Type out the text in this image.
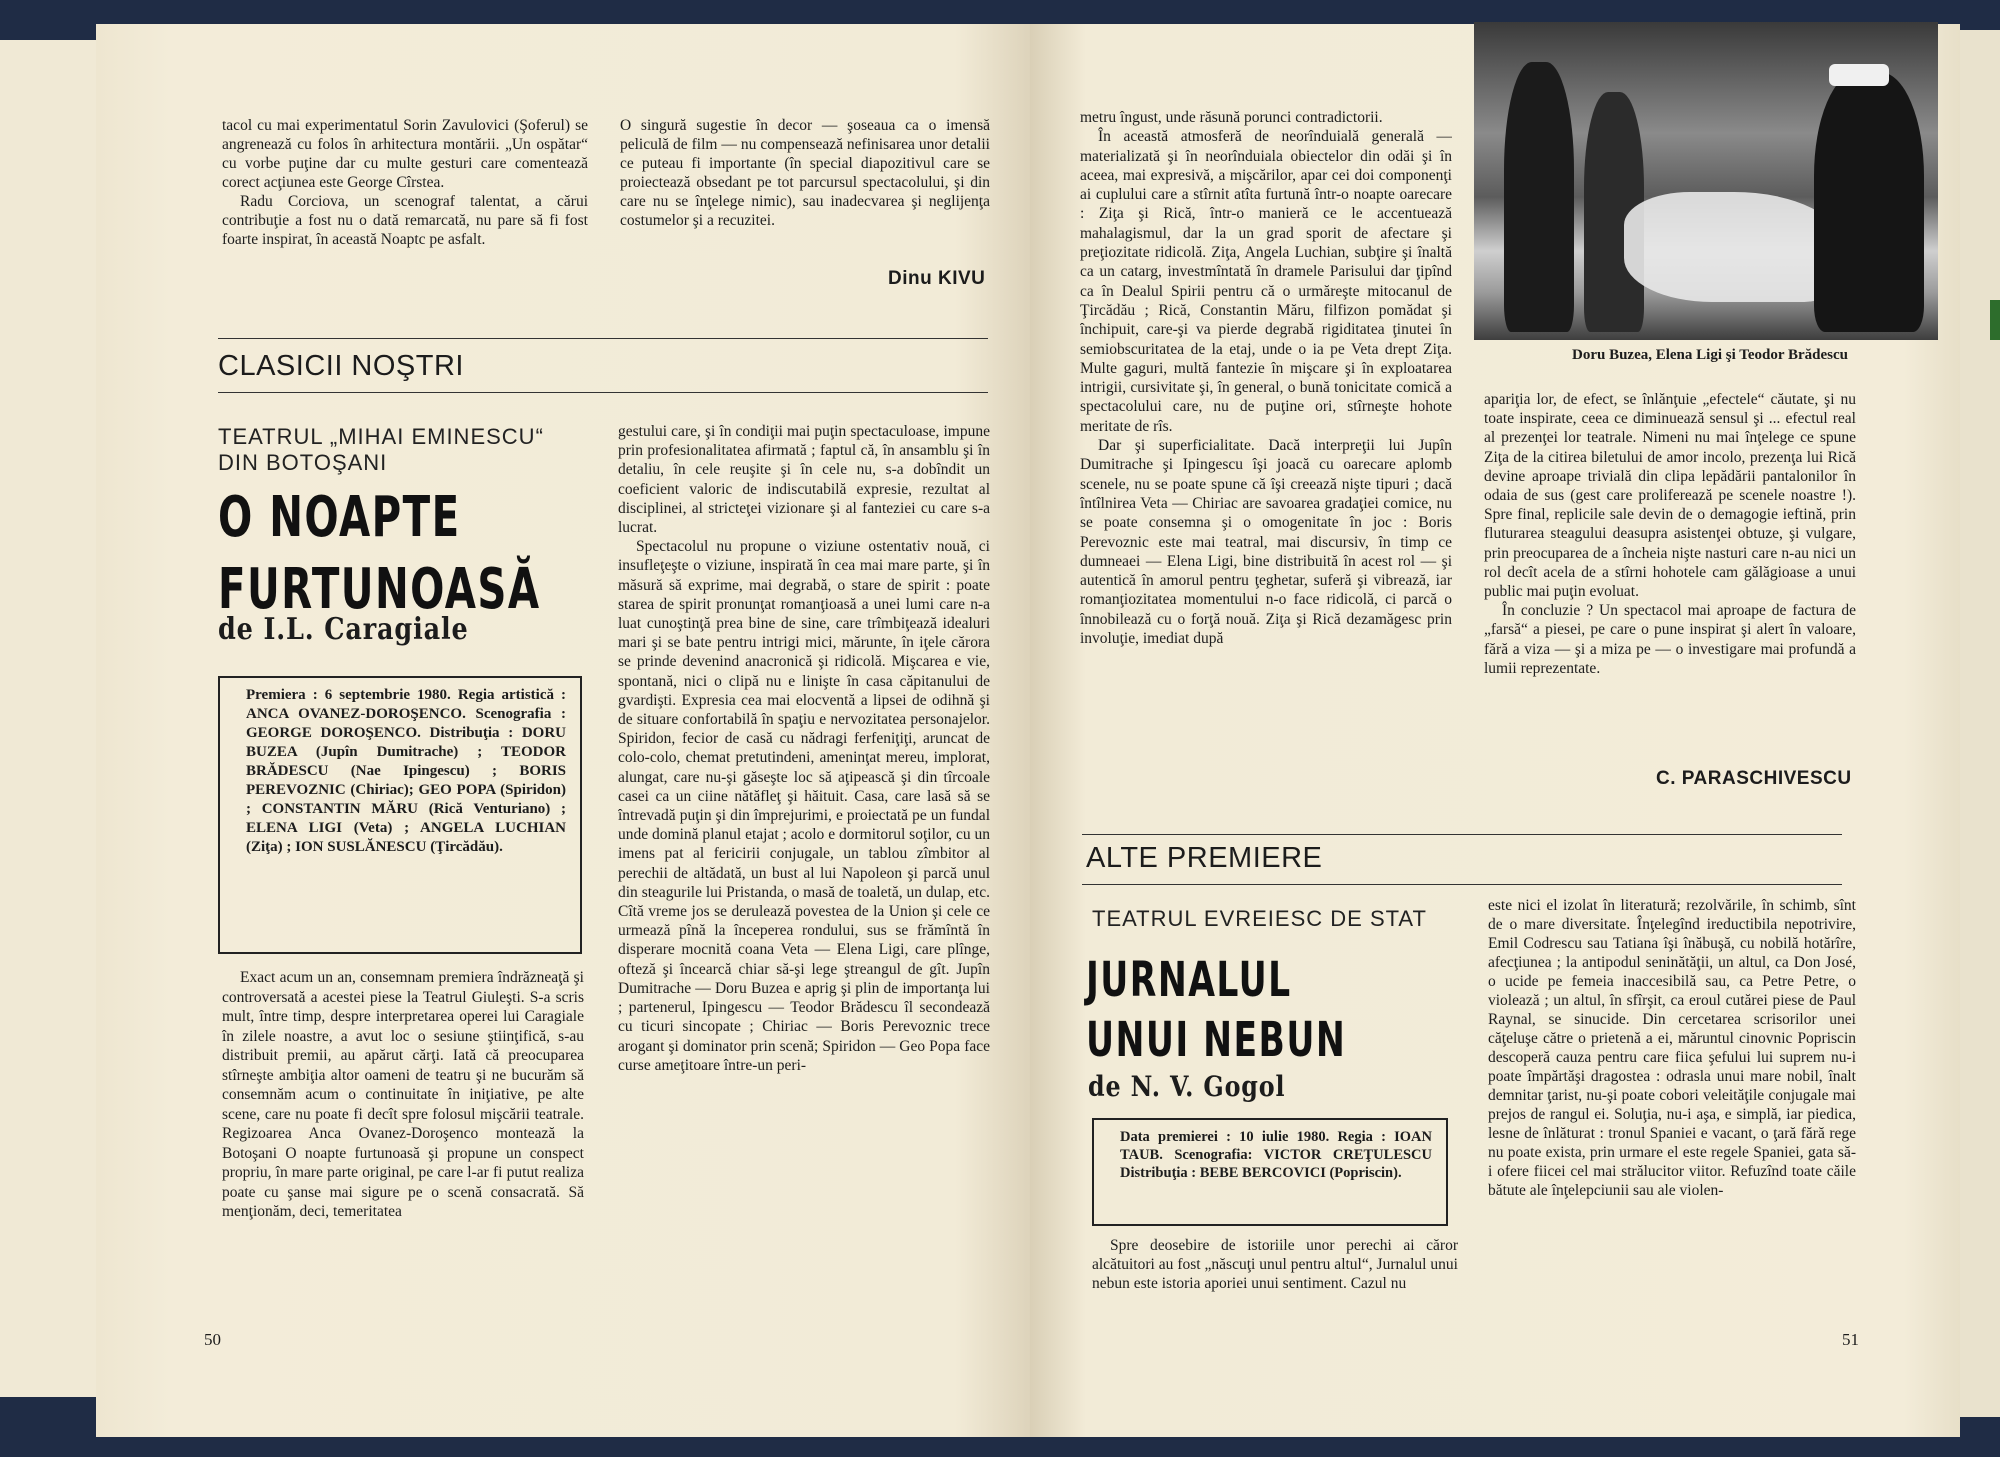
tacol cu mai experimentatul Sorin Zavulovici (Şoferul) se angrenează cu folos în arhitectura montării. „Un ospătar“ cu vorbe puţine dar cu multe gesturi care comentează corect acţiunea este George Cîrstea.

Radu Corciova, un scenograf talentat, a cărui contribuţie a fost nu o dată remarcată, nu pare să fi fost foarte inspirat, în această Noaptc pe asfalt.

O singură sugestie în decor — şoseaua ca o imensă peliculă de film — nu compensează nefinisarea unor detalii ce puteau fi importante (în special diapozitivul care se proiectează obsedant pe tot parcursul spectacolului, şi din care nu se înţelege nimic), sau inadecvarea şi neglijenţa costumelor şi a recuzitei.

Dinu KIVU
CLASICII NOŞTRI
TEATRUL „MIHAI EMINESCU“
DIN BOTOŞANI
O NOAPTE
FURTUNOASĂ
de I.L. Caragiale

Premiera : 6 septembrie 1980. Regia artistică : ANCA OVANEZ-DOROŞENCO. Scenografia : GEORGE DOROŞENCO. Distribuţia : DORU BUZEA (Jupîn Dumitrache) ; TEODOR BRĂDESCU (Nae Ipingescu) ; BORIS PEREVOZNIC (Chiriac); GEO POPA (Spiridon) ; CONSTANTIN MĂRU (Rică Venturiano) ; ELENA LIGI (Veta) ; ANGELA LUCHIAN (Ziţa) ; ION SUSLĂNESCU (Ţircădău).

Exact acum un an, consemnam premiera îndrăzneaţă şi controversată a acestei piese la Teatrul Giuleşti. S-a scris mult, între timp, despre interpretarea operei lui Caragiale în zilele noastre, a avut loc o sesiune ştiinţifică, s-au distribuit premii, au apărut cărţi. Iată că preocuparea stîrneşte ambiţia altor oameni de teatru şi ne bucurăm să consemnăm acum o continuitate în iniţiative, pe alte scene, care nu poate fi decît spre folosul mişcării teatrale. Regizoarea Anca Ovanez-Doroşenco montează la Botoşani O noapte furtunoasă şi propune un conspect propriu, în mare parte original, pe care l-ar fi putut realiza poate cu şanse mai sigure pe o scenă consacrată. Să menţionăm, deci, temeritatea

gestului care, şi în condiţii mai puţin spectaculoase, impune prin profesionalitatea afirmată ; faptul că, în ansamblu şi în detaliu, în cele reuşite şi în cele nu, s-a dobîndit un coeficient valoric de indiscutabilă expresie, rezultat al disciplinei, al stricteţei vizionare şi al fanteziei cu care s-a lucrat.

Spectacolul nu propune o viziune ostentativ nouă, ci insufleţeşte o viziune, inspirată în cea mai mare parte, şi în măsură să exprime, mai degrabă, o stare de spirit : poate starea de spirit pronunţat romanţioasă a unei lumi care n-a luat cunoştinţă prea bine de sine, care trîmbiţează idealuri mari şi se bate pentru intrigi mici, mărunte, în iţele cărora se prinde devenind anacronică şi ridicolă. Mişcarea e vie, spontană, nici o clipă nu e linişte în casa căpitanului de gvardişti. Expresia cea mai elocventă a lipsei de odihnă şi de situare confortabilă în spaţiu e nervozitatea personajelor. Spiridon, fecior de casă cu nădragi ferfeniţiţi, aruncat de colo-colo, chemat pretutindeni, ameninţat mereu, implorat, alungat, care nu-şi găseşte loc să aţipească şi din tîrcoale casei ca un ciine nătăfleţ şi hăituit. Casa, care lasă să se întrevadă puţin şi din împrejurimi, e proiectată pe un fundal unde domină planul etajat ; acolo e dormitorul soţilor, cu un imens pat al fericirii conjugale, un tablou zîmbitor al perechii de altădată, un bust al lui Napoleon şi parcă unul din steagurile lui Pristanda, o masă de toaletă, un dulap, etc. Cîtă vreme jos se derulează povestea de la Union şi cele ce urmează pînă la începerea rondului, sus se frămîntă în disperare mocnită coana Veta — Elena Ligi, care plînge, ofteză şi încearcă chiar să-şi lege ştreangul de gît. Jupîn Dumitrache — Doru Buzea e aprig şi plin de importanţa lui ; partenerul, Ipingescu — Teodor Brădescu îl secondează cu ticuri sincopate ; Chiriac — Boris Perevoznic trece arogant şi dominator prin scenă; Spiridon — Geo Popa face curse ameţitoare între-un peri-

50
Doru Buzea, Elena Ligi şi Teodor Brădescu

metru îngust, unde răsună porunci contradictorii.

În această atmosferă de neorînduială generală — materializată şi în neorînduiala obiectelor din odăi şi în aceea, mai expresivă, a mişcărilor, apar cei doi componenţi ai cuplului care a stîrnit atîta furtună într-o noapte oarecare : Ziţa şi Rică, într-o manieră ce le accentuează mahalagismul, dar la un grad sporit de afectare şi preţiozitate ridicolă. Ziţa, Angela Luchian, subţire şi înaltă ca un catarg, investmîntată în dramele Parisului dar ţipînd ca în Dealul Spirii pentru că o urmăreşte mitocanul de Ţircădău ; Rică, Constantin Măru, filfizon pomădat şi închipuit, care-şi va pierde degrabă rigiditatea ţinutei în semiobscuritatea de la etaj, unde o ia pe Veta drept Ziţa. Multe gaguri, multă fantezie în mişcare şi în exploatarea intrigii, cursivitate şi, în general, o bună tonicitate comică a spectacolului care, nu de puţine ori, stîrneşte hohote meritate de rîs.

Dar şi superficialitate. Dacă interpreţii lui Jupîn Dumitrache şi Ipingescu îşi joacă cu oarecare aplomb scenele, nu se poate spune că îşi creează nişte tipuri ; dacă întîlnirea Veta — Chiriac are savoarea gradaţiei comice, nu se poate consemna şi o omogenitate în joc : Boris Perevoznic este mai teatral, mai discursiv, în timp ce dumneaei — Elena Ligi, bine distribuită în acest rol — şi autentică în amorul pentru ţeghetar, suferă şi vibrează, iar romanţiozitatea momentului n-o face ridicolă, ci parcă o înnobilează cu o forţă nouă. Ziţa şi Rică dezamăgesc prin involuţie, imediat după

apariţia lor, de efect, se înlănţuie „efectele“ căutate, şi nu toate inspirate, ceea ce diminuează sensul şi ... efectul real al prezenţei lor teatrale. Nimeni nu mai înţelege ce spune Ziţa de la citirea biletului de amor incolo, prezenţa lui Rică devine aproape trivială din clipa lepădării pantalonilor în odaia de sus (gest care proliferează pe scenele noastre !). Spre final, replicile sale devin de o demagogie ieftină, prin fluturarea steagului deasupra asistenţei obtuze, şi vulgare, prin preocuparea de a încheia nişte nasturi care n-au nici un rol decît acela de a stîrni hohotele cam gălăgioase a unui public mai puţin evoluat.

În concluzie ? Un spectacol mai aproape de factura de „farsă“ a piesei, pe care o pune inspirat şi alert în valoare, fără a viza — şi a miza pe — o investigare mai profundă a lumii reprezentate.

C. PARASCHIVESCU
ALTE PREMIERE
TEATRUL EVREIESC DE STAT
JURNALUL
UNUI NEBUN
de N. V. Gogol

Data premierei : 10 iulie 1980. Regia : IOAN TAUB. Scenografia: VICTOR CREŢULESCU Distribuţia : BEBE BERCOVICI (Popriscin).

Spre deosebire de istoriile unor perechi ai căror alcătuitori au fost „născuţi unul pentru altul“, Jurnalul unui nebun este istoria aporiei unui sentiment. Cazul nu

este nici el izolat în literatură; rezolvările, în schimb, sînt de o mare diversitate. Înţelegînd ireductibila nepotrivire, Emil Codrescu sau Tatiana îşi înăbuşă, cu nobilă hotărîre, afecţiunea ; la antipodul seninătăţii, un altul, ca Don José, o ucide pe femeia inaccesibilă sau, ca Petre Petre, o violează ; un altul, în sfîrşit, ca eroul cutărei piese de Paul Raynal, se sinucide. Din cercetarea scrisorilor unei căţeluşe către o prietenă a ei, măruntul cinovnic Popriscin descoperă cauza pentru care fiica şefului lui suprem nu-i poate împărtăşi dragostea : odrasla unui mare nobil, înalt demnitar ţarist, nu-şi poate cobori veleităţile conjugale mai prejos de rangul ei. Soluţia, nu-i aşa, e simplă, iar piedica, lesne de înlăturat : tronul Spaniei e vacant, o ţară fără rege nu poate exista, prin urmare el este regele Spaniei, gata să-i ofere fiicei cel mai strălucitor viitor. Refuzînd toate căile bătute ale înţelepciunii sau ale violen-

51
